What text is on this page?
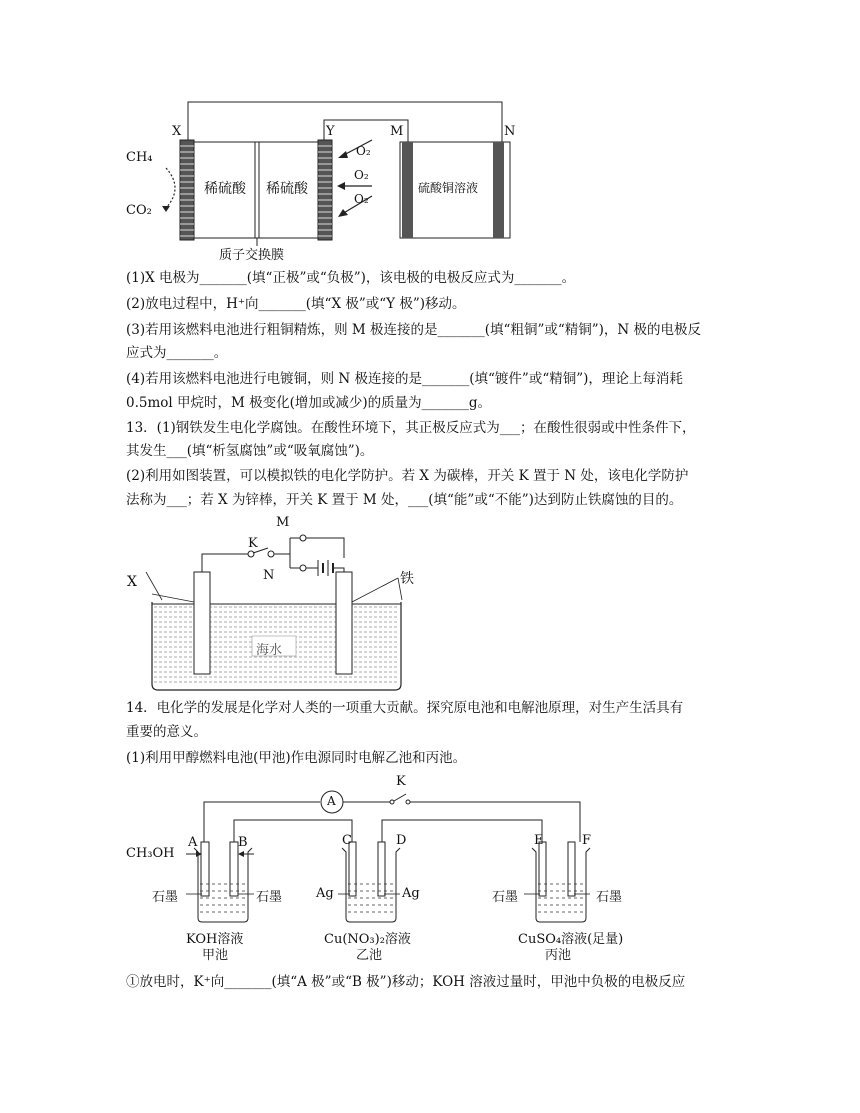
X	Y	M	N
CH₄
CO₂
O₂
O₂
O₂
稀硫酸 稀硫酸	硫酸铜溶液
质子交换膜
(1)X 电极为_______(填“正极”或“负极”)，该电极的电极反应式为_______。
(2)放电过程中，H⁺向_______(填“X 极”或“Y 极”)移动。
(3)若用该燃料电池进行粗铜精炼，则 M 极连接的是_______(填“粗铜”或“精铜”)，N 极的电极反
应式为_______。
(4)若用该燃料电池进行电镀铜，则 N 极连接的是_______(填“镀件”或“精铜”)，理论上每消耗
0.5mol 甲烷时，M 极变化(增加或减少)的质量为_______g。
13．(1)钢铁发生电化学腐蚀。在酸性环境下，其正极反应式为___；在酸性很弱或中性条件下，
其发生___(填“析氢腐蚀”或“吸氧腐蚀”)。
(2)利用如图装置，可以模拟铁的电化学防护。若 X 为碳棒，开关 K 置于 N 处，该电化学防护
法称为___；若 X 为锌棒，开关 K 置于 M 处，___(填“能”或“不能”)达到防止铁腐蚀的目的。
M
K
N
X	铁
海水
14．电化学的发展是化学对人类的一项重大贡献。探究原电池和电解池原理，对生产生活具有
重要的意义。
(1)利用甲醇燃料电池(甲池)作电源同时电解乙池和丙池。
A
K
A	B	C	D	E	F
CH₃OH
石墨	石墨	Ag	Ag	石墨	石墨
KOH溶液
甲池
Cu(NO₃)₂溶液
乙池
CuSO₄溶液(足量)
丙池
①放电时，K⁺向_______(填“A 极”或“B 极”)移动；KOH 溶液过量时，甲池中负极的电极反应
